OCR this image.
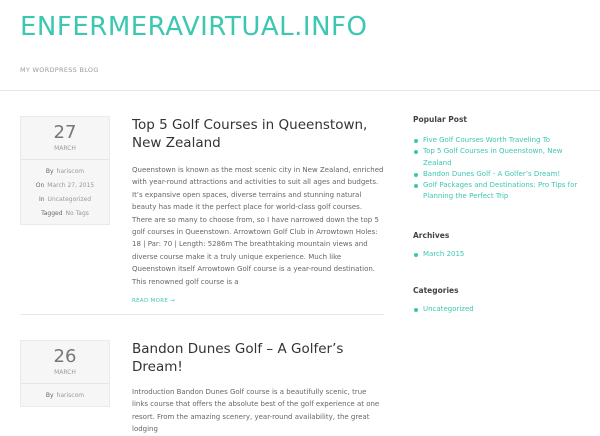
ENFERMERAVIRTUAL.INFO
MY WORDPRESS BLOG
27
MARCH
By hariscom
On March 27, 2015
In Uncategorized
Tagged No Tags
Top 5 Golf Courses in Queenstown, New Zealand

Queenstown is known as the most scenic city in New Zealand, enriched with year-round attractions and activities to suit all ages and budgets. It’s expansive open spaces, diverse terrains and stunning natural beauty has made it the perfect place for world-class golf courses. There are so many to choose from, so I have narrowed down the top 5 golf courses in Queenstown. Arrowtown Golf Club in Arrowtown Holes: 18 | Par: 70 | Length: 5286m The breathtaking mountain views and diverse course make it a truly unique experience. Much like Queenstown itself Arrowtown Golf course is a year-round destination. This renowned golf course is a

READ MORE →
26
MARCH
By hariscom
Bandon Dunes Golf – A Golfer’s Dream!

Introduction Bandon Dunes Golf course is a beautifully scenic, true links course that offers the absolute best of the golf experience at one resort. From the amazing scenery, year-round availability, the great lodging

Popular Post
Five Golf Courses Worth Traveling To
Top 5 Golf Courses in Queenstown, New Zealand
Bandon Dunes Golf - A Golfer’s Dream!
Golf Packages and Destinations: Pro Tips for Planning the Perfect Trip
Archives
March 2015
Categories
Uncategorized
